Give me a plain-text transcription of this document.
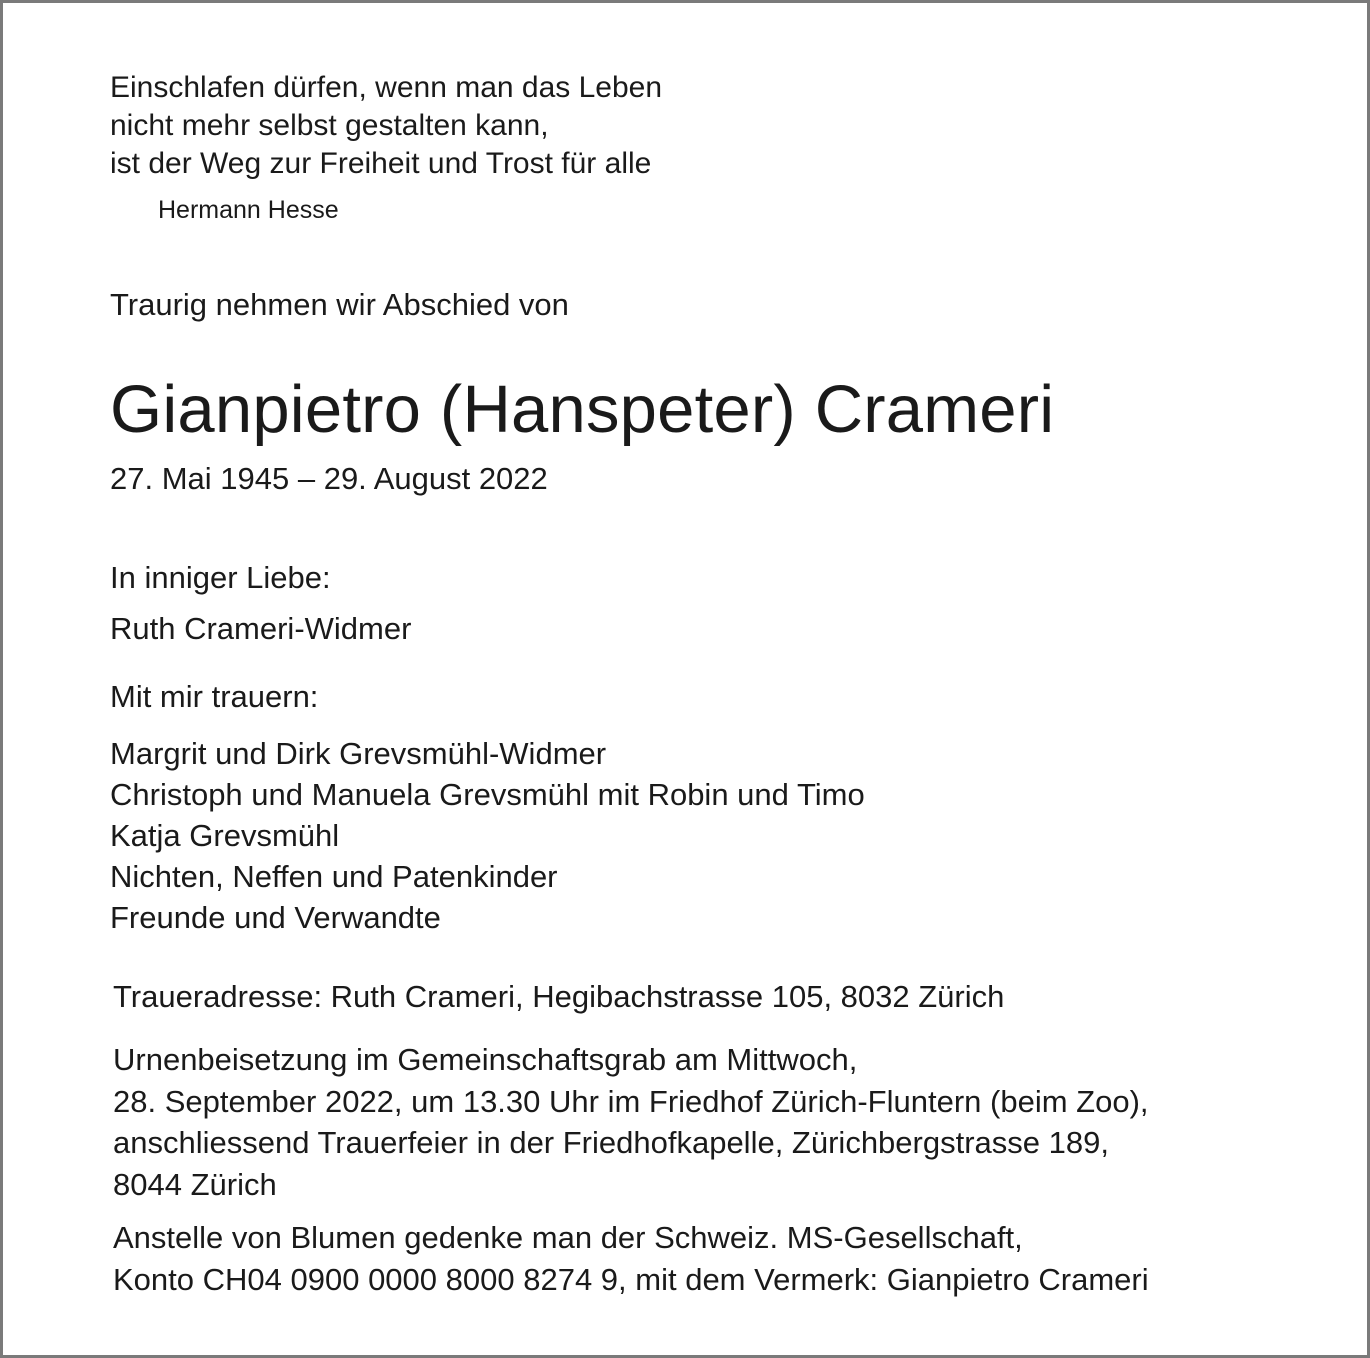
Einschlafen dürfen, wenn man das Leben
nicht mehr selbst gestalten kann,
ist der Weg zur Freiheit und Trost für alle

Hermann Hesse

Traurig nehmen wir Abschied von

Gianpietro (Hanspeter) Crameri

27. Mai 1945 – 29. August 2022

In inniger Liebe:

Ruth Crameri-Widmer

Mit mir trauern:

Margrit und Dirk Grevsmühl-Widmer
Christoph und Manuela Grevsmühl mit Robin und Timo
Katja Grevsmühl
Nichten, Neffen und Patenkinder
Freunde und Verwandte

Traueradresse: Ruth Crameri, Hegibachstrasse 105, 8032 Zürich

Urnenbeisetzung im Gemeinschaftsgrab am Mittwoch,
28. September 2022, um 13.30 Uhr im Friedhof Zürich-Fluntern (beim Zoo),
anschliessend Trauerfeier in der Friedhofkapelle, Zürichbergstrasse 189,
8044 Zürich
Anstelle von Blumen gedenke man der Schweiz. MS-Gesellschaft,
Konto CH04 0900 0000 8000 8274 9, mit dem Vermerk: Gianpietro Crameri
